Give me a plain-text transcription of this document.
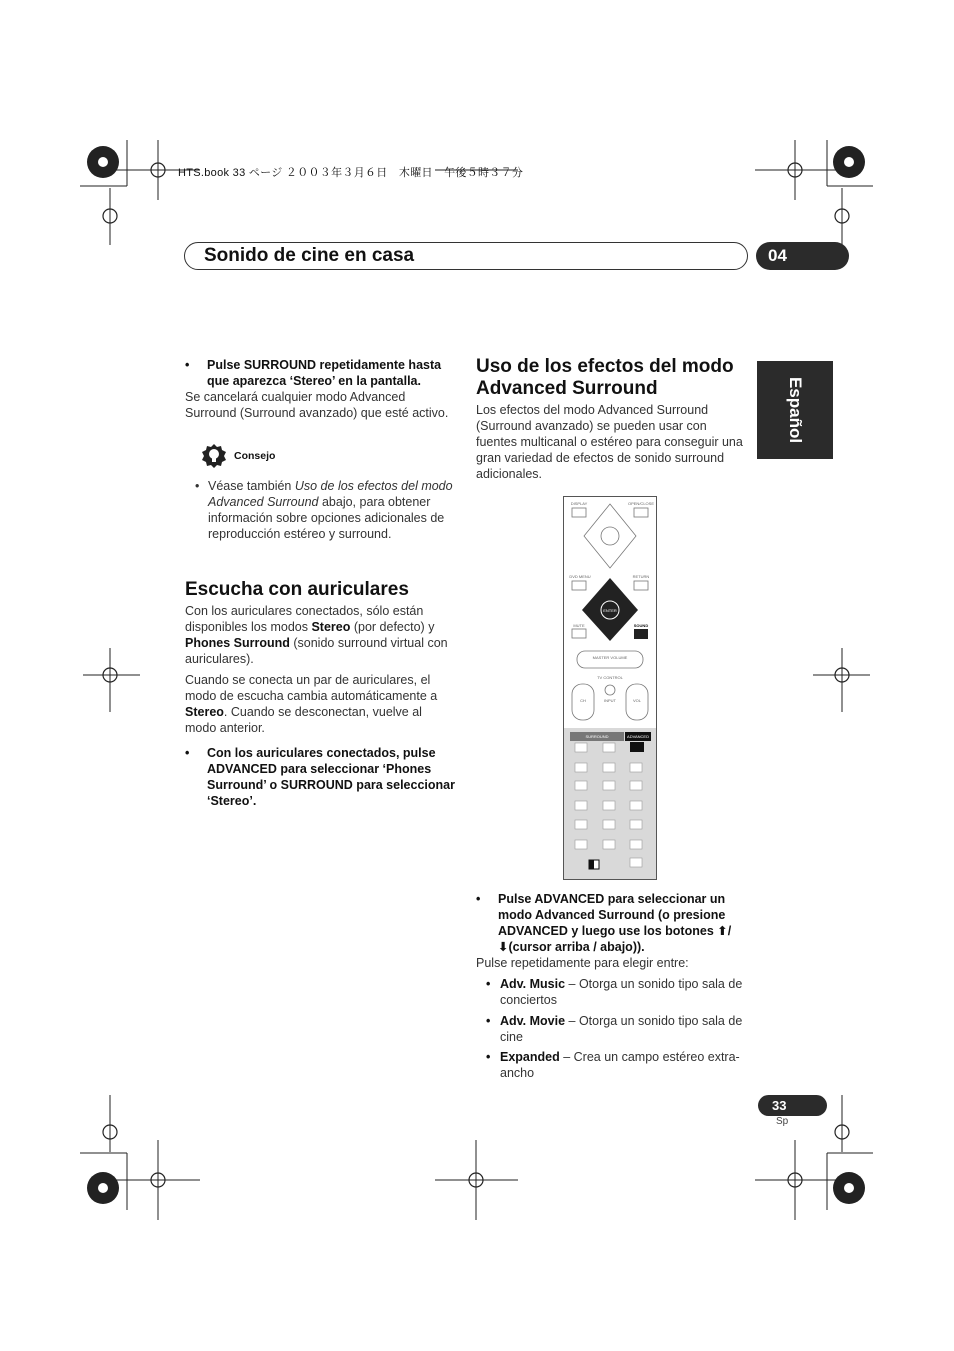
HTS.book 33 ページ ２００３年３月６日　木曜日　午後５時３７分
Sonido de cine en casa	04
Español
• Pulse SURROUND repetidamente hasta que aparezca ‘Stereo’ en la pantalla.

Se cancelará cualquier modo Advanced Surround (Surround avanzado) que esté activo.

Consejo
• Véase también Uso de los efectos del modo Advanced Surround abajo, para obtener información sobre opciones adicionales de reproducción estéreo y surround.
Escucha con auriculares
Con los auriculares conectados, sólo están disponibles los modos Stereo (por defecto) y Phones Surround (sonido surround virtual con auriculares).
Cuando se conecta un par de auriculares, el modo de escucha cambia automáticamente a Stereo. Cuando se desconectan, vuelve al modo anterior.
• Con los auriculares conectados, pulse ADVANCED para seleccionar ‘Phones Surround’ o SURROUND para seleccionar ‘Stereo’.
Uso de los efectos del modo Advanced Surround
Los efectos del modo Advanced Surround (Surround avanzado) se pueden usar con fuentes multicanal o estéreo para conseguir una gran variedad de efectos de sonido surround adicionales.
DISPLAY	OPEN/CLOSE
DVD MENU	RETURN
MUTE
MASTER VOLUME
TV CONTROL
CH	INPUT	VOL
ENTER
SOUND
SURROUND	ADVANCED
• Pulse ADVANCED para seleccionar un modo Advanced Surround (o presione ADVANCED y luego use los botones ⬆/⬇(cursor arriba / abajo)).
Pulse repetidamente para elegir entre:
• Adv. Music – Otorga un sonido tipo sala de conciertos
• Adv. Movie – Otorga un sonido tipo sala de cine
• Expanded – Crea un campo estéreo extra-ancho
33
Sp
